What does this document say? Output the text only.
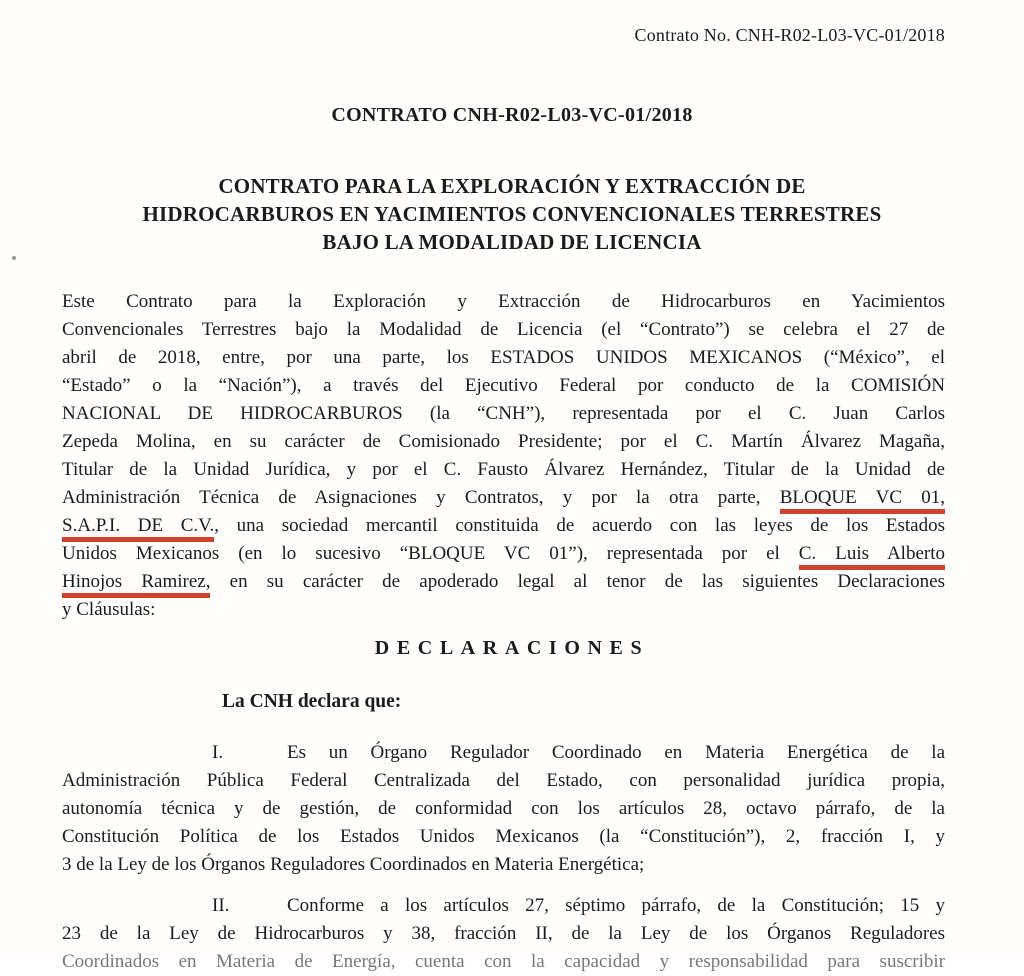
Contrato No. CNH-R02-L03-VC-01/2018
CONTRATO CNH-R02-L03-VC-01/2018
CONTRATO PARA LA EXPLORACIÓN Y EXTRACCIÓN DE
HIDROCARBUROS EN YACIMIENTOS CONVENCIONALES TERRESTRES
BAJO LA MODALIDAD DE LICENCIA
Este Contrato para la Exploración y Extracción de Hidrocarburos en Yacimientos
Convencionales Terrestres bajo la Modalidad de Licencia (el “Contrato”) se celebra el 27 de
abril de 2018, entre, por una parte, los ESTADOS UNIDOS MEXICANOS (“México”, el
“Estado” o la “Nación”), a través del Ejecutivo Federal por conducto de la COMISIÓN
NACIONAL DE HIDROCARBUROS (la “CNH”), representada por el C. Juan Carlos
Zepeda Molina, en su carácter de Comisionado Presidente; por el C. Martín Álvarez Magaña,
Titular de la Unidad Jurídica, y por el C. Fausto Álvarez Hernández, Titular de la Unidad de
Administración Técnica de Asignaciones y Contratos, y por la otra parte, BLOQUE VC 01,
S.A.P.I. DE C.V., una sociedad mercantil constituida de acuerdo con las leyes de los Estados
Unidos Mexicanos (en lo sucesivo “BLOQUE VC 01”), representada por el C. Luis Alberto
Hinojos Ramirez, en su carácter de apoderado legal al tenor de las siguientes Declaraciones
y Cláusulas:
DECLARACIONES
La CNH declara que:
I.	Es un Órgano Regulador Coordinado en Materia Energética de la
Administración Pública Federal Centralizada del Estado, con personalidad jurídica propia,
autonomía técnica y de gestión, de conformidad con los artículos 28, octavo párrafo, de la
Constitución Política de los Estados Unidos Mexicanos (la “Constitución”), 2, fracción I, y
3 de la Ley de los Órganos Reguladores Coordinados en Materia Energética;
II.	Conforme a los artículos 27, séptimo párrafo, de la Constitución; 15 y
23 de la Ley de Hidrocarburos y 38, fracción II, de la Ley de los Órganos Reguladores
Coordinados en Materia de Energía, cuenta con la capacidad y responsabilidad para suscribir
